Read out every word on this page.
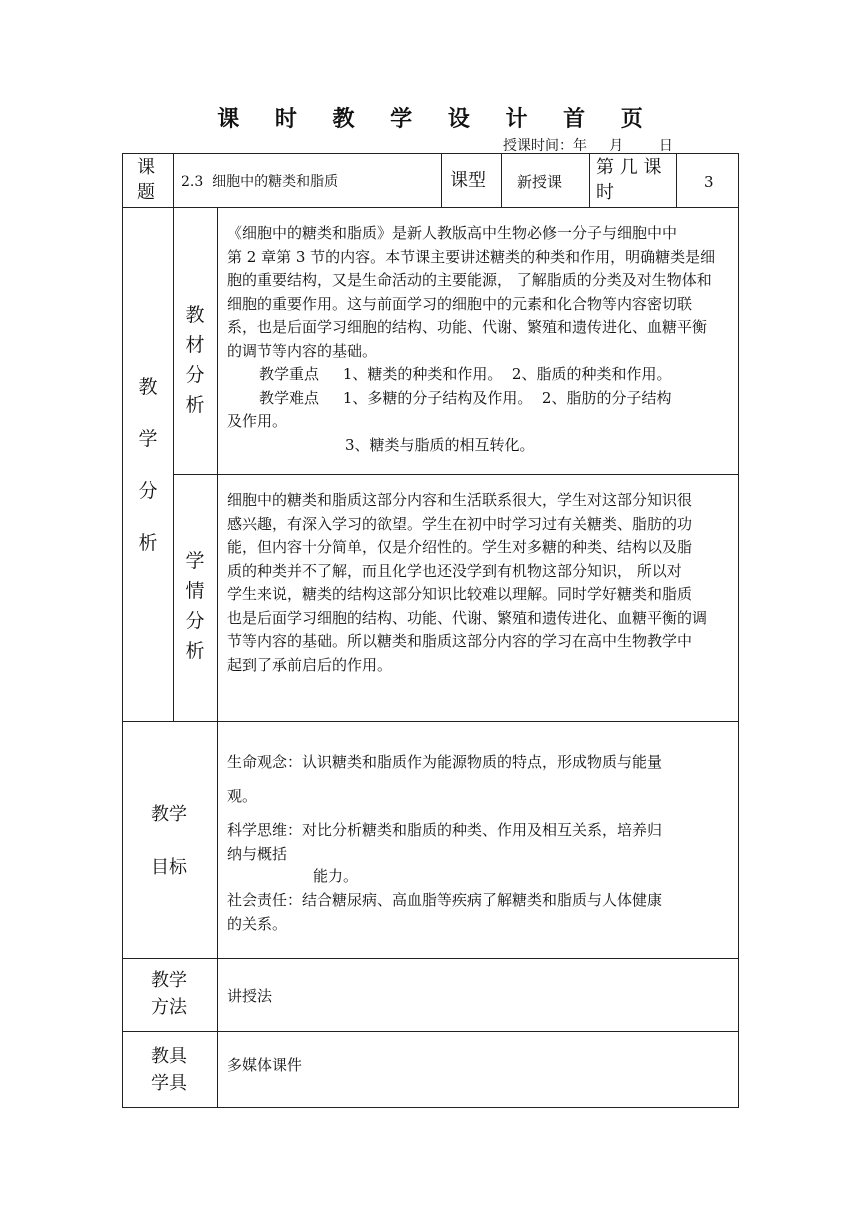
课 时 教 学 设 计 首 页
授课时间：年     月        日
课
题 2.3  细胞中的糖类和脂质	课型 新授课
第 几 课
时	3
教
学
分
析
教
材
分
析
学
情
分
析

《细胞中的糖类和脂质》是新人教版高中生物必修一分子与细胞中中

第 2 章第 3 节的内容。本节课主要讲述糖类的种类和作用，明确糖类是细

胞的重要结构，又是生命活动的主要能源， 了解脂质的分类及对生物体和

细胞的重要作用。这与前面学习的细胞中的元素和化合物等内容密切联

系，也是后面学习细胞的结构、功能、代谢、繁殖和遗传进化、血糖平衡

的调节等内容的基础。

教学重点     1、糖类的种类和作用。  2、脂质的种类和作用。

教学难点     1、多糖的分子结构及作用。  2、脂肪的分子结构

及作用。

3、糖类与脂质的相互转化。

细胞中的糖类和脂质这部分内容和生活联系很大，学生对这部分知识很

感兴趣，有深入学习的欲望。学生在初中时学习过有关糖类、脂肪的功

能，但内容十分简单，仅是介绍性的。学生对多糖的种类、结构以及脂

质的种类并不了解，而且化学也还没学到有机物这部分知识， 所以对

学生来说，糖类的结构这部分知识比较难以理解。同时学好糖类和脂质

也是后面学习细胞的结构、功能、代谢、繁殖和遗传进化、血糖平衡的调

节等内容的基础。所以糖类和脂质这部分内容的学习在高中生物教学中

起到了承前启后的作用。

教学
目标

生命观念：认识糖类和脂质作为能源物质的特点，形成物质与能量

观。

科学思维：对比分析糖类和脂质的种类、作用及相互关系，培养归

纳与概括

能力。

社会责任：结合糖尿病、高血脂等疾病了解糖类和脂质与人体健康

的关系。

教学
方法
讲授法
教具
学具
多媒体课件
